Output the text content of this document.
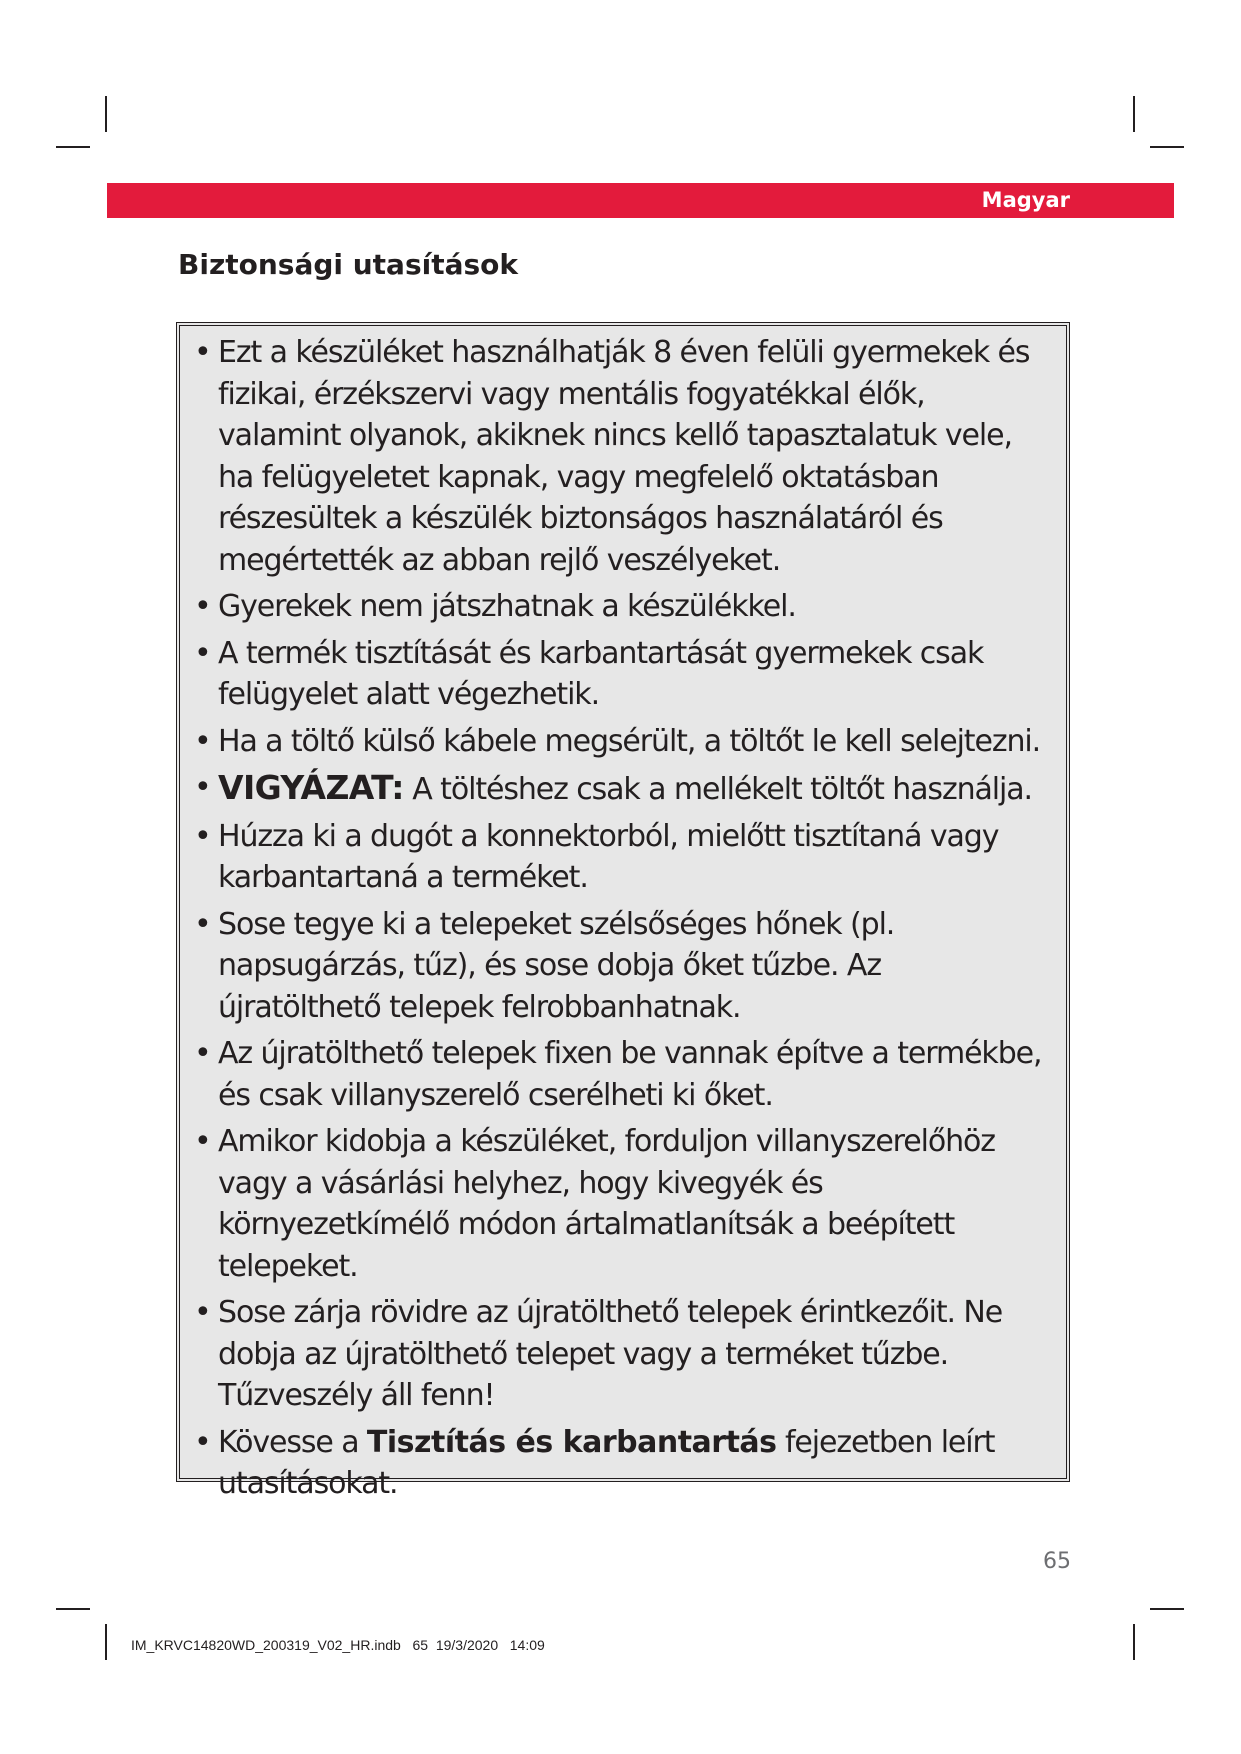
Magyar
Biztonsági utasítások
• Ezt a készüléket használhatják 8 éven felüli gyermekek és fizikai, érzékszervi vagy mentális fogyatékkal élők, valamint olyanok, akiknek nincs kellő tapasztalatuk vele, ha felügyeletet kapnak, vagy megfelelő oktatásban részesültek a készülék biztonságos használatáról és megértették az abban rejlő veszélyeket.
• Gyerekek nem játszhatnak a készülékkel.
• A termék tisztítását és karbantartását gyermekek csak felügyelet alatt végezhetik.
• Ha a töltő külső kábele megsérült, a töltőt le kell selejtezni.
• VIGYÁZAT: A töltéshez csak a mellékelt töltőt használja.
• Húzza ki a dugót a konnektorból, mielőtt tisztítaná vagy karbantartaná a terméket.
• Sose tegye ki a telepeket szélsőséges hőnek (pl. napsugárzás, tűz), és sose dobja őket tűzbe. Az újratölthető telepek felrobbanhatnak.
• Az újratölthető telepek fixen be vannak építve a termékbe, és csak villanyszerelő cserélheti ki őket.
• Amikor kidobja a készüléket, forduljon villanyszerelőhöz vagy a vásárlási helyhez, hogy kivegyék és környezetkímélő módon ártalmatlanítsák a beépített telepeket.
• Sose zárja rövidre az újratölthető telepek érintkezőit. Ne dobja az újratölthető telepet vagy a terméket tűzbe. Tűzveszély áll fenn!
• Kövesse a Tisztítás és karbantartás fejezetben leírt utasításokat.
65
IM_KRVC14820WD_200319_V02_HR.indb   65  19/3/2020   14:09
